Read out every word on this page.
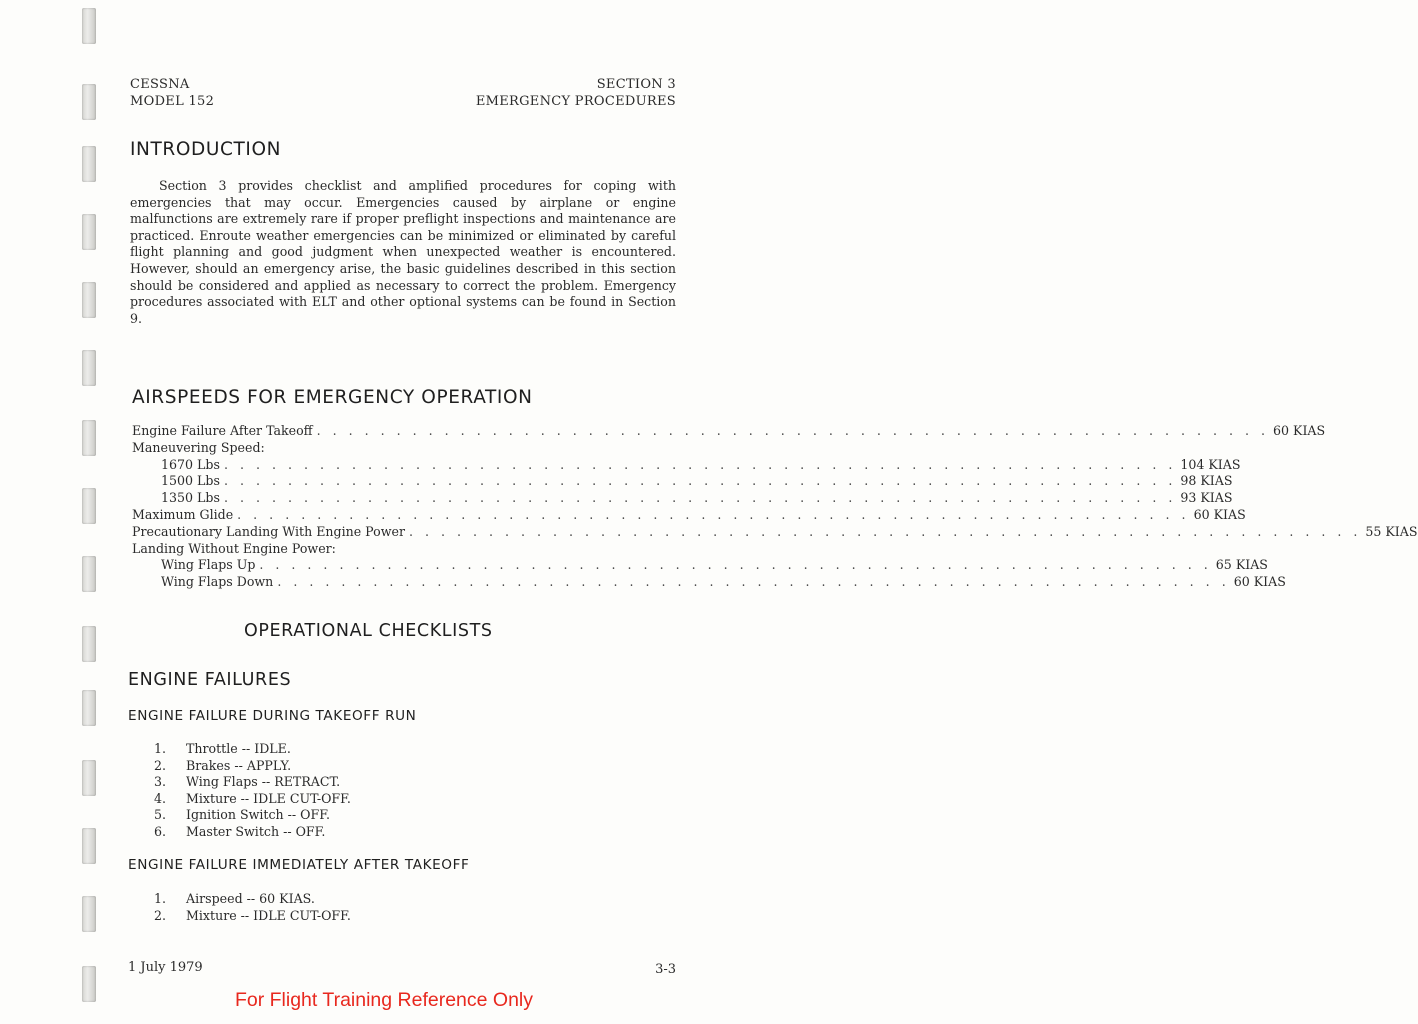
CESSNA
MODEL 152
SECTION 3
EMERGENCY PROCEDURES
INTRODUCTION

Section 3 provides checklist and amplified procedures for coping with emergencies that may occur. Emergencies caused by airplane or engine malfunctions are extremely rare if proper preflight inspections and maintenance are practiced. Enroute weather emergencies can be minimized or eliminated by careful flight planning and good judgment when unexpected weather is encountered. However, should an emergency arise, the basic guidelines described in this section should be considered and applied as necessary to correct the problem. Emergency procedures associated with ELT and other optional systems can be found in Section 9.

AIRSPEEDS FOR EMERGENCY OPERATION
Engine Failure After Takeoff . . . . . . . . . . . . . . . . . . . . . . . . . . . . . . . . . . . . . . . . . . . . . . . . . . . . . . . . . . . . 60 KIAS
Maneuvering Speed:
1670 Lbs . . . . . . . . . . . . . . . . . . . . . . . . . . . . . . . . . . . . . . . . . . . . . . . . . . . . . . . . . . . . 104 KIAS
1500 Lbs . . . . . . . . . . . . . . . . . . . . . . . . . . . . . . . . . . . . . . . . . . . . . . . . . . . . . . . . . . . . 98 KIAS
1350 Lbs . . . . . . . . . . . . . . . . . . . . . . . . . . . . . . . . . . . . . . . . . . . . . . . . . . . . . . . . . . . . 93 KIAS
Maximum Glide . . . . . . . . . . . . . . . . . . . . . . . . . . . . . . . . . . . . . . . . . . . . . . . . . . . . . . . . . . . . 60 KIAS
Precautionary Landing With Engine Power . . . . . . . . . . . . . . . . . . . . . . . . . . . . . . . . . . . . . . . . . . . . . . . . . . . . . . . . . . . . 55 KIAS
Landing Without Engine Power:
Wing Flaps Up . . . . . . . . . . . . . . . . . . . . . . . . . . . . . . . . . . . . . . . . . . . . . . . . . . . . . . . . . . . . 65 KIAS
Wing Flaps Down . . . . . . . . . . . . . . . . . . . . . . . . . . . . . . . . . . . . . . . . . . . . . . . . . . . . . . . . . . . . 60 KIAS
OPERATIONAL CHECKLISTS
ENGINE FAILURES
ENGINE FAILURE DURING TAKEOFF RUN
1. Throttle -- IDLE.
2. Brakes -- APPLY.
3. Wing Flaps -- RETRACT.
4. Mixture -- IDLE CUT-OFF.
5. Ignition Switch -- OFF.
6. Master Switch -- OFF.
ENGINE FAILURE IMMEDIATELY AFTER TAKEOFF
1. Airspeed -- 60 KIAS.
2. Mixture -- IDLE CUT-OFF.
1 July 1979	3-3
For Flight Training Reference Only
